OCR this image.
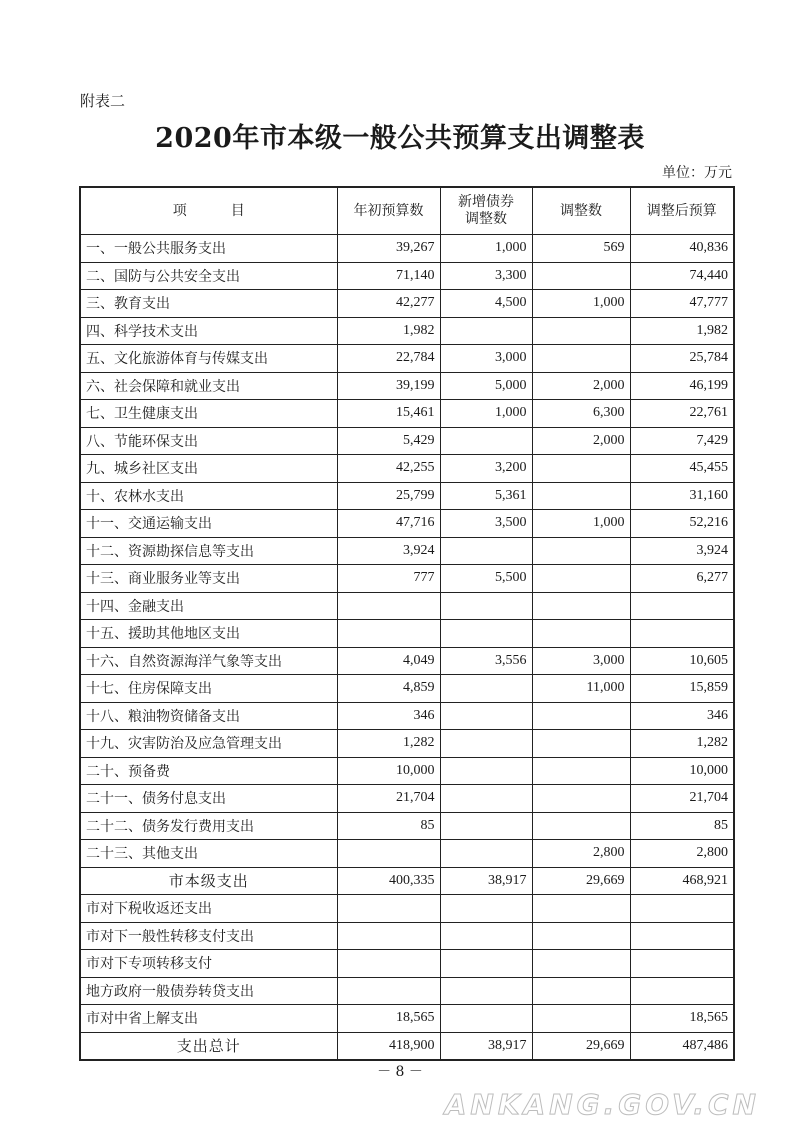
附表二
2020年市本级一般公共预算支出调整表
单位：万元
项 目	年初预算数	新增债券调整数	调整数	调整后预算
一、一般公共服务支出	39,267	1,000	569	40,836
二、国防与公共安全支出	71,140	3,300		74,440
三、教育支出	42,277	4,500	1,000	47,777
四、科学技术支出	1,982			1,982
五、文化旅游体育与传媒支出	22,784	3,000		25,784
六、社会保障和就业支出	39,199	5,000	2,000	46,199
七、卫生健康支出	15,461	1,000	6,300	22,761
八、节能环保支出	5,429		2,000	7,429
九、城乡社区支出	42,255	3,200		45,455
十、农林水支出	25,799	5,361		31,160
十一、交通运输支出	47,716	3,500	1,000	52,216
十二、资源勘探信息等支出	3,924			3,924
十三、商业服务业等支出	777	5,500		6,277
十四、金融支出				
十五、援助其他地区支出				
十六、自然资源海洋气象等支出	4,049	3,556	3,000	10,605
十七、住房保障支出	4,859		11,000	15,859
十八、粮油物资储备支出	346			346
十九、灾害防治及应急管理支出	1,282			1,282
二十、预备费	10,000			10,000
二十一、债务付息支出	21,704			21,704
二十二、债务发行费用支出	85			85
二十三、其他支出			2,800	2,800
市本级支出	400,335	38,917	29,669	468,921
市对下税收返还支出				
市对下一般性转移支付支出				
市对下专项转移支付				
地方政府一般债券转贷支出				
市对中省上解支出	18,565			18,565
支出总计	418,900	38,917	29,669	487,486
－ 8 －
ANKANG.GOV.CN
